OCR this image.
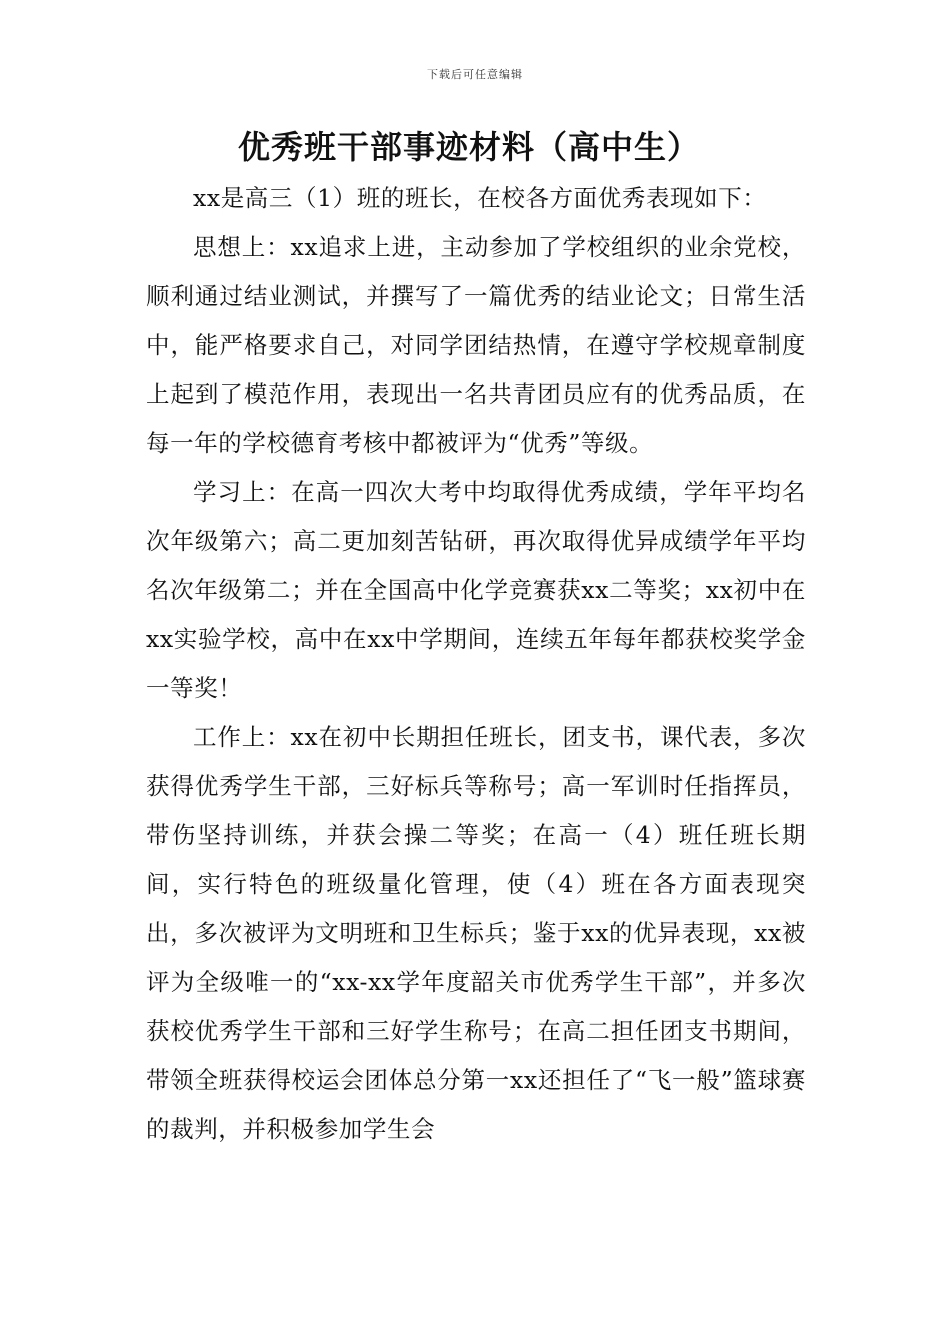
下载后可任意编辑
优秀班干部事迹材料（高中生）

xx是高三（1）班的班长，在校各方面优秀表现如下：

思想上：xx追求上进，主动参加了学校组织的业余党校，顺利通过结业测试，并撰写了一篇优秀的结业论文；日常生活中，能严格要求自己，对同学团结热情，在遵守学校规章制度上起到了模范作用，表现出一名共青团员应有的优秀品质，在每一年的学校德育考核中都被评为“优秀”等级。

学习上：在高一四次大考中均取得优秀成绩，学年平均名次年级第六；高二更加刻苦钻研，再次取得优异成绩学年平均名次年级第二；并在全国高中化学竞赛获xx二等奖；xx初中在xx实验学校，高中在xx中学期间，连续五年每年都获校奖学金一等奖！

工作上：xx在初中长期担任班长，团支书，课代表，多次获得优秀学生干部，三好标兵等称号；高一军训时任指挥员，带伤坚持训练，并获会操二等奖；在高一（4）班任班长期间，实行特色的班级量化管理，使（4）班在各方面表现突出，多次被评为文明班和卫生标兵；鉴于xx的优异表现，xx被评为全级唯一的“xx-xx学年度韶关市优秀学生干部”，并多次获校优秀学生干部和三好学生称号；在高二担任团支书期间，带领全班获得校运会团体总分第一xx还担任了“飞一般”篮球赛的裁判，并积极参加学生会
